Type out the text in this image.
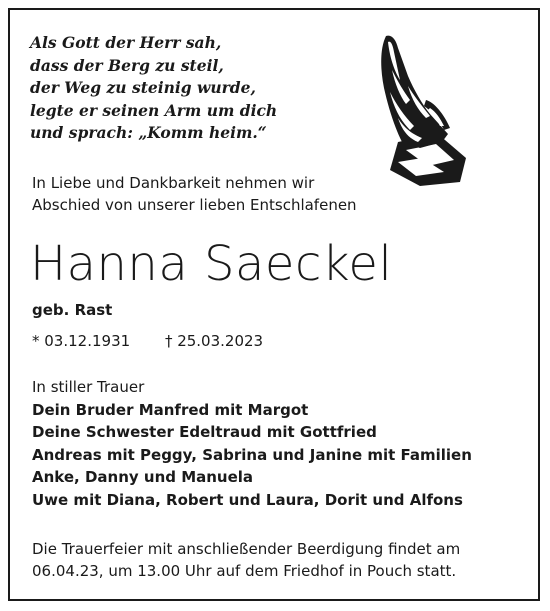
Als Gott der Herr sah,
dass der Berg zu steil,
der Weg zu steinig wurde,
legte er seinen Arm um dich
und sprach: „Komm heim.“
In Liebe und Dankbarkeit nehmen wir
Abschied von unserer lieben Entschlafenen
Hanna Saeckel
geb. Rast
* 03.12.1931 † 25.03.2023
In stiller Trauer
Dein Bruder Manfred mit Margot
Deine Schwester Edeltraud mit Gottfried
Andreas mit Peggy, Sabrina und Janine mit Familien
Anke, Danny und Manuela
Uwe mit Diana, Robert und Laura, Dorit und Alfons
Die Trauerfeier mit anschließender Beerdigung findet am
06.04.23, um 13.00 Uhr auf dem Friedhof in Pouch statt.
